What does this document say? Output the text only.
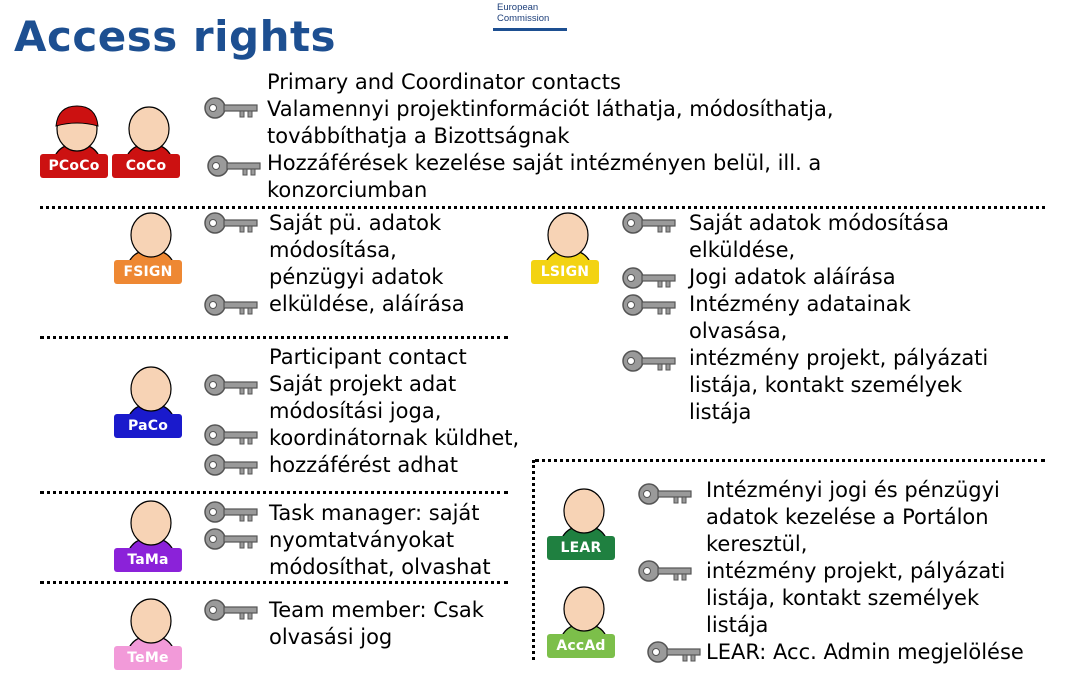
Access rights
European
Commission
PCoCo	CoCo
FSIGN	LSIGN
PaCo
TaMa
TeMe
LEAR
AccAd
Primary and Coordinator contacts
Valamennyi projektinformációt láthatja, módosíthatja,
továbbíthatja a Bizottságnak
Hozzáférések kezelése saját intézményen belül, ill. a
konzorciumban
Saját pü. adatok
módosítása,
pénzügyi adatok
elküldése, aláírása
Saját adatok módosítása
elküldése,
Jogi adatok aláírása
Intézmény adatainak
olvasása,
intézmény projekt, pályázati
listája, kontakt személyek
listája
Participant contact
Saját projekt adat
módosítási joga,
koordinátornak küldhet,
hozzáférést adhat
Task manager: saját
nyomtatványokat
módosíthat, olvashat
Team member: Csak
olvasási jog
Intézményi jogi és pénzügyi
adatok kezelése a Portálon
keresztül,
intézmény projekt, pályázati
listája, kontakt személyek
listája
LEAR: Acc. Admin megjelölése
